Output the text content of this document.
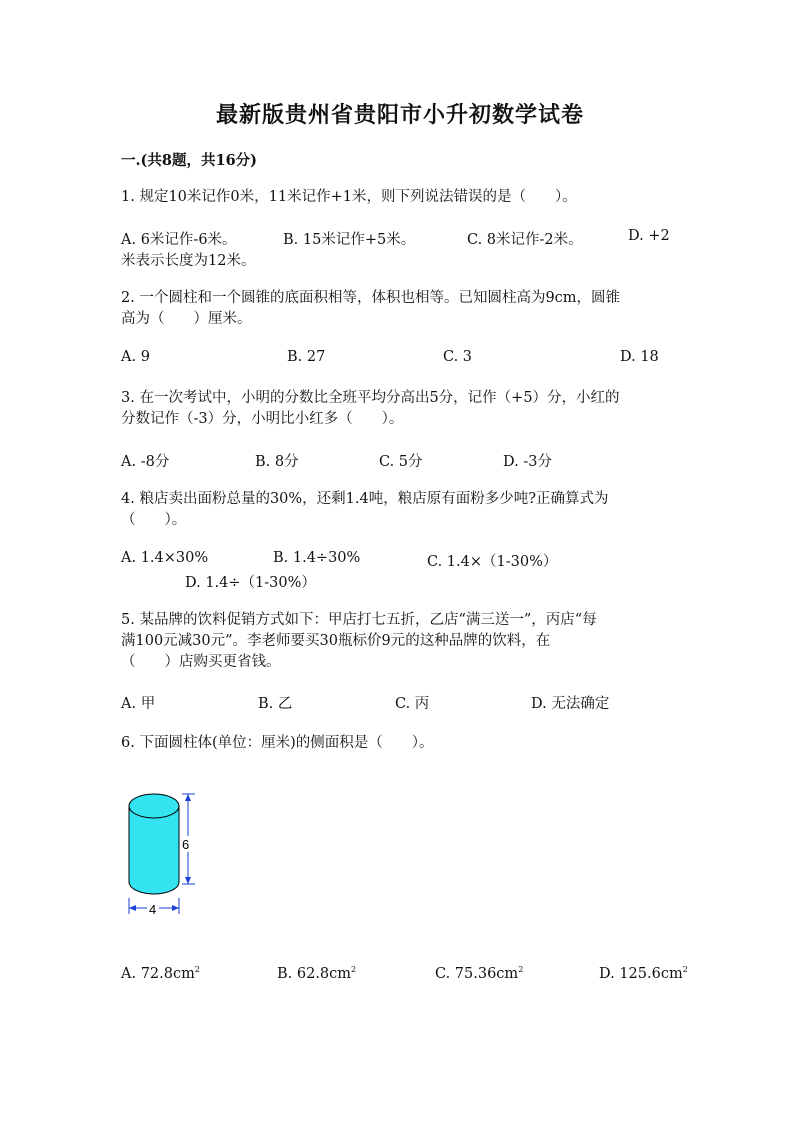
最新版贵州省贵阳市小升初数学试卷
一.(共8题，共16分)
1. 规定10米记作0米，11米记作+1米，则下列说法错误的是（　　）。
A. 6米记作-6米。	B. 15米记作+5米。	C. 8米记作-2米。	D. +2
米表示长度为12米。
2. 一个圆柱和一个圆锥的底面积相等，体积也相等。已知圆柱高为9cm，圆锥
高为（　　）厘米。
A. 9	B. 27	C. 3	D. 18
3. 在一次考试中，小明的分数比全班平均分高出5分，记作（+5）分，小红的
分数记作（-3）分，小明比小红多（　　）。
A. -8分	B. 8分	C. 5分	D. -3分
4. 粮店卖出面粉总量的30%，还剩1.4吨，粮店原有面粉多少吨?正确算式为
（　　）。
A. 1.4×30%	B. 1.4÷30%	C. 1.4×（1-30%）
D. 1.4÷（1-30%）
5. 某品牌的饮料促销方式如下：甲店打七五折，乙店“满三送一”，丙店“每
满100元减30元”。李老师要买30瓶标价9元的这种品牌的饮料，在
（　　）店购买更省钱。
A. 甲	B. 乙	C. 丙	D. 无法确定
6. 下面圆柱体(单位：厘米)的侧面积是（　　）。
6
4
A. $72.8cm^2$	B. $62.8cm^2$	C. $75.36cm^2$	D. $125.6cm^2$
